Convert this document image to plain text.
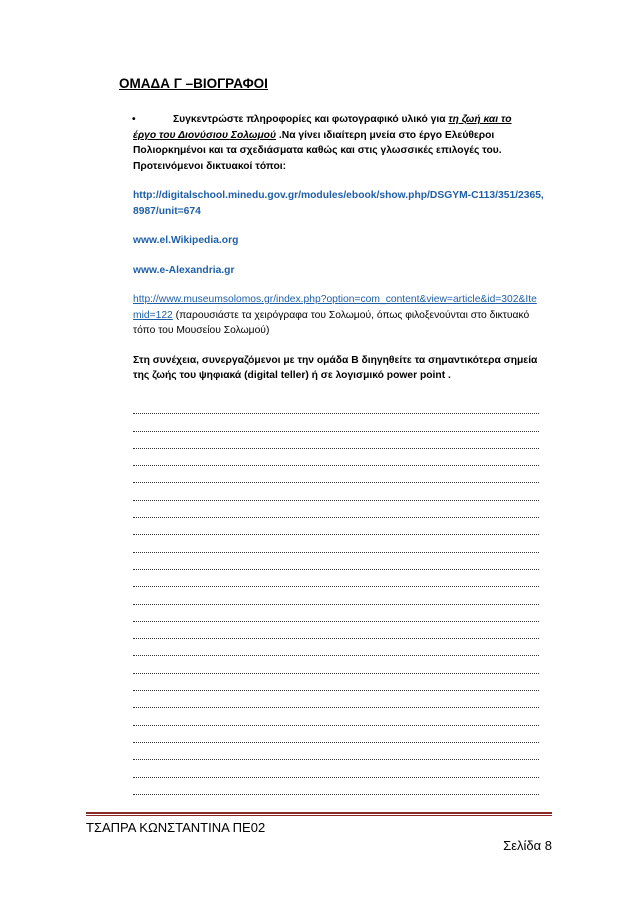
ΟΜΑΔΑ Γ –ΒΙΟΓΡΑΦΟΙ
•	Συγκεντρώστε πληροφορίες και φωτογραφικό υλικό για τη ζωή και το
έργο του Διονύσιου Σολωμού .Να γίνει ιδιαίτερη μνεία στο έργο Ελεύθεροι Πολιορκημένοι και τα σχεδιάσματα καθώς και στις γλωσσικές επιλογές του.
Προτεινόμενοι δικτυακοί τόποι:

http://digitalschool.minedu.gov.gr/modules/ebook/show.php/DSGYM-C113/351/2365,8987/unit=674

www.el.Wikipedia.org

www.e-Alexandria.gr

http://www.museumsolomos.gr/index.php?option=com_content&view=article&id=302&Itemid=122 (παρουσιάστε τα χειρόγραφα του Σολωμού, όπως φιλοξενούνται στο δικτυακό τόπο του Μουσείου Σολωμού)

Στη συνέχεια, συνεργαζόμενοι με την ομάδα Β διηγηθείτε τα σημαντικότερα σημεία της ζωής του ψηφιακά (digital teller) ή σε λογισμικό power point .

ΤΣΑΠΡΑ ΚΩΝΣΤΑΝΤΙΝΑ ΠΕ02
Σελίδα 8
